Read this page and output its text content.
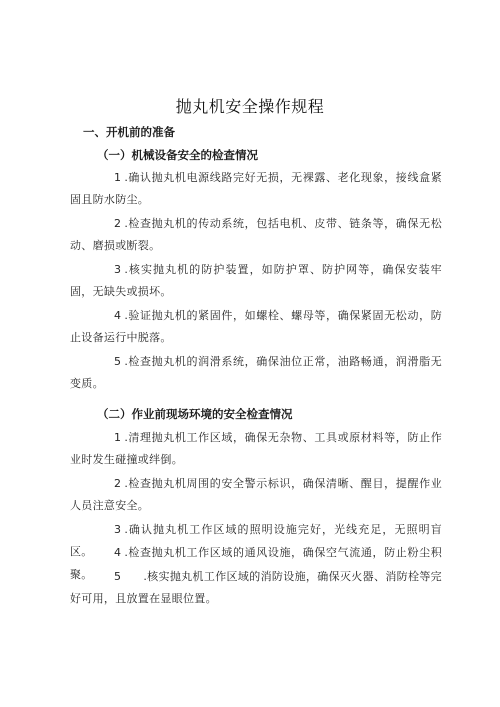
抛丸机安全操作规程
一、开机前的准备
（一）机械设备安全的检查情况

1 .确认抛丸机电源线路完好无损，无裸露、老化现象，接线盒紧固且防水防尘。

2 .检查抛丸机的传动系统，包括电机、皮带、链条等，确保无松动、磨损或断裂。

3 .核实抛丸机的防护装置，如防护罩、防护网等，确保安装牢固，无缺失或损坏。

4 .验证抛丸机的紧固件，如螺栓、螺母等，确保紧固无松动，防止设备运行中脱落。

5 .检查抛丸机的润滑系统，确保油位正常，油路畅通，润滑脂无变质。

（二）作业前现场环境的安全检查情况

1 .清理抛丸机工作区域，确保无杂物、工具或原材料等，防止作业时发生碰撞或绊倒。

2 .检查抛丸机周围的安全警示标识，确保清晰、醒目，提醒作业人员注意安全。

3 .确认抛丸机工作区域的照明设施完好，光线充足，无照明盲区。	4 .检查抛丸机工作区域的通风设施，确保空气流通，防止粉尘积聚。	5 .核实抛丸机工作区域的消防设施，确保灭火器、消防栓等完好可用，且放置在显眼位置。
